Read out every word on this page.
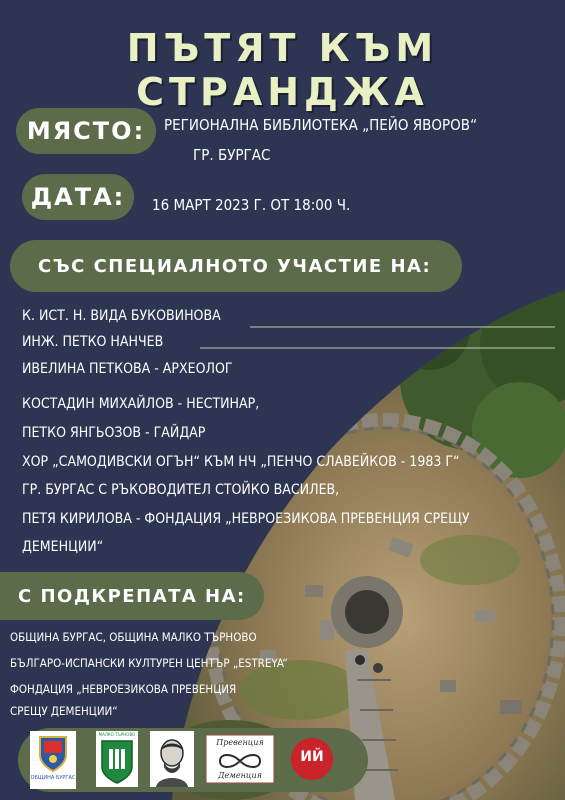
ПЪТЯТ КЪМ СТРАНДЖА
МЯСТО:	РЕГИОНАЛНА БИБЛИОТЕКА „ПЕЙО ЯВОРОВ“
ГР. БУРГАС
ДАТА:	16 МАРТ 2023 Г. ОТ 18:00 Ч.
СЪС СПЕЦИАЛНОТО УЧАСТИЕ НА:
К. ИСТ. Н. ВИДА БУКОВИНОВА
ИНЖ. ПЕТКО НАНЧЕВ
ИВЕЛИНА ПЕТКОВА - АРХЕОЛОГ
КОСТАДИН МИХАЙЛОВ - НЕСТИНАР,
ПЕТКО ЯНГЬОЗОВ - ГАЙДАР
ХОР „САМОДИВСКИ ОГЪН“ КЪМ НЧ „ПЕНЧО СЛАВЕЙКОВ - 1983 Г“
ГР. БУРГАС С РЪКОВОДИТЕЛ СТОЙКО ВАСИЛЕВ,
ПЕТЯ КИРИЛОВА - ФОНДАЦИЯ „НЕВРОЕЗИКОВА ПРЕВЕНЦИЯ СРЕЩУ
ДЕМЕНЦИИ“
С ПОДКРЕПАТА НА:
ОБЩИНА БУРГАС, ОБЩИНА МАЛКО ТЪРНОВО
БЪЛГАРО-ИСПАНСКИ КУЛТУРЕН ЦЕНТЪР „ESTREYA“
ФОНДАЦИЯ „НЕВРОЕЗИКОВА ПРЕВЕНЦИЯ
СРЕЩУ ДЕМЕНЦИИ“
ОБЩИНА БУРГАС
МАЛКО ТЪРНОВО
Превенция
Деменция
ИЙ
